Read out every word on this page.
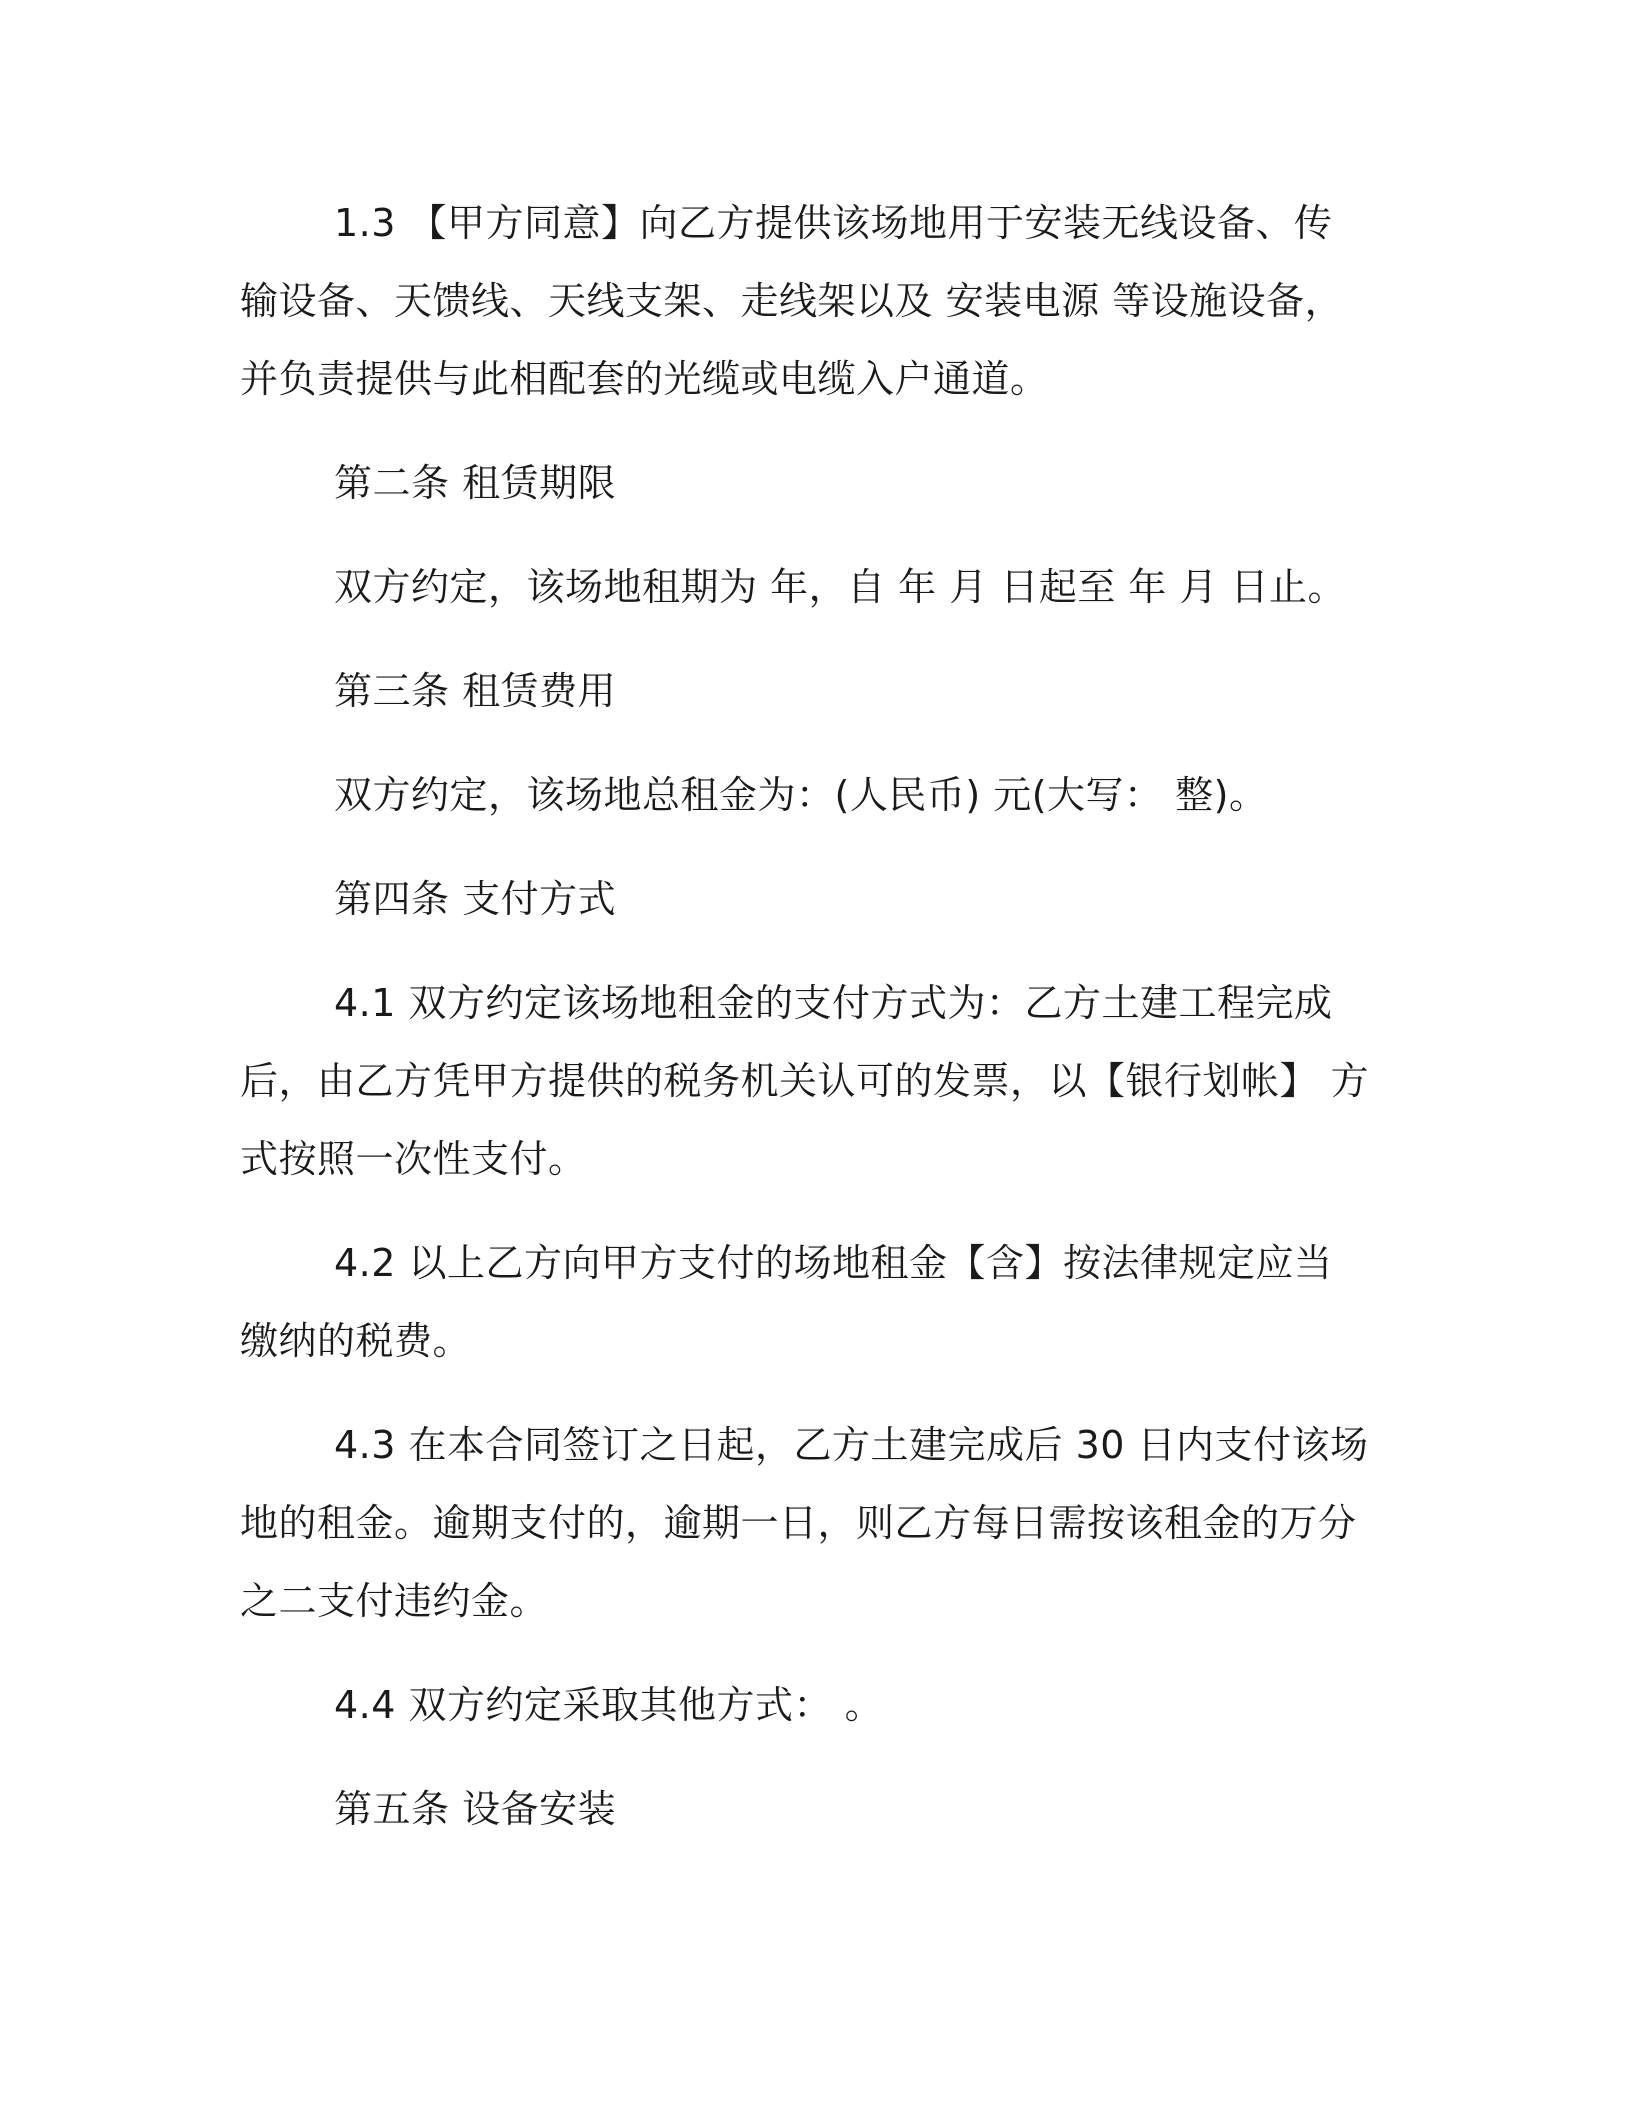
1.3 【甲方同意】向乙方提供该场地用于安装无线设备、传输设备、天馈线、天线支架、走线架以及 安装电源 等设施设备，并负责提供与此相配套的光缆或电缆入户通道。

第二条 租赁期限

双方约定，该场地租期为 年，自 年 月 日起至 年 月 日止。

第三条 租赁费用

双方约定，该场地总租金为：(人民币) 元(大写： 整)。

第四条 支付方式

4.1 双方约定该场地租金的支付方式为：乙方土建工程完成后，由乙方凭甲方提供的税务机关认可的发票，以【银行划帐】 方式按照一次性支付。

4.2 以上乙方向甲方支付的场地租金【含】按法律规定应当缴纳的税费。

4.3 在本合同签订之日起，乙方土建完成后 30 日内支付该场地的租金。逾期支付的，逾期一日，则乙方每日需按该租金的万分之二支付违约金。

4.4 双方约定采取其他方式： 。

第五条 设备安装
